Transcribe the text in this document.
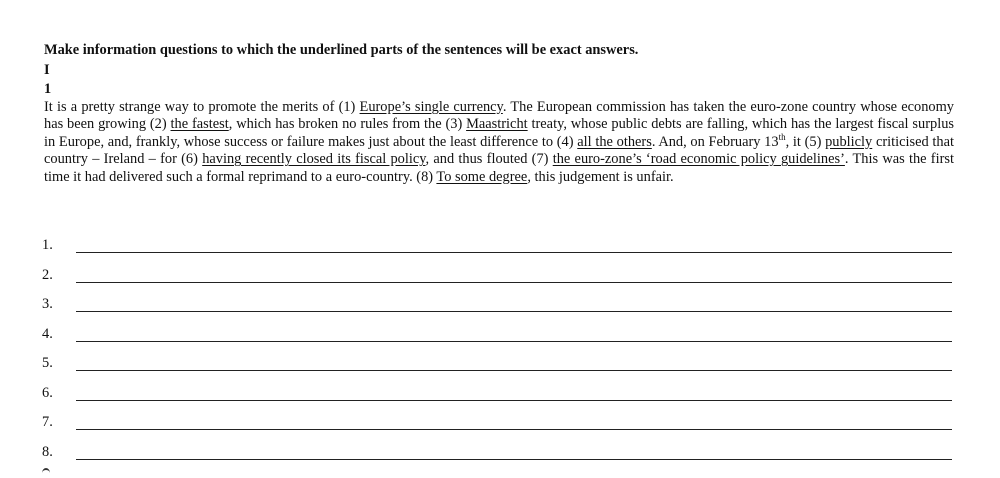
Make information questions to which the underlined parts of the sentences will be exact answers.
I
1
It is a pretty strange way to promote the merits of (1) Europe’s single currency. The European commission has taken the euro-zone country whose economy has been growing (2) the fastest, which has broken no rules from the (3) Maastricht treaty, whose public debts are falling, which has the largest fiscal surplus in Europe, and, frankly, whose success or failure makes just about the least difference to (4) all the others. And, on February 13th, it (5) publicly criticised that country – Ireland – for (6) having recently closed its fiscal policy, and thus flouted (7) the euro-zone’s ‘road economic policy guidelines’. This was the first time it had delivered such a formal reprimand to a euro-country. (8) To some degree, this judgement is unfair.
1.
2.
3.
4.
5.
6.
7.
8.
